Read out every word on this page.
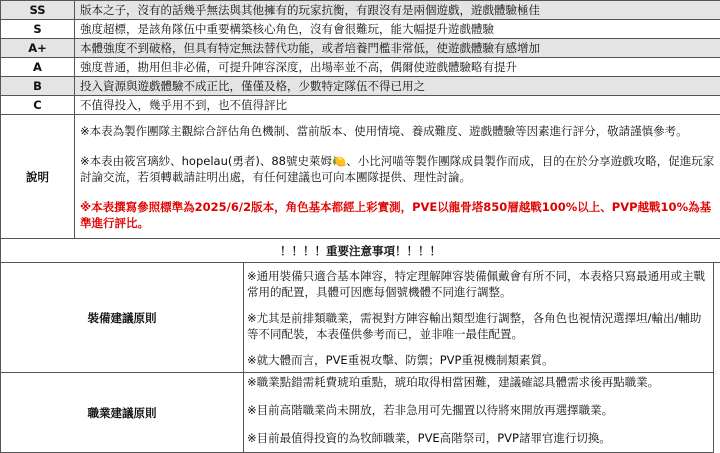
SS	版本之子，沒有的話幾乎無法與其他擁有的玩家抗衡，有跟沒有是兩個遊戲，遊戲體驗極佳		
S	強度超標，是該角隊伍中重要構築核心角色，沒有會很難玩，能大幅提升遊戲體驗		
A+	本體強度不到破格，但具有特定無法替代功能，或者培養門檻非常低，使遊戲體驗有感增加		
A	強度普通，勘用但非必備，可提升陣容深度，出場率並不高，偶爾使遊戲體驗略有提升		
B	投入資源與遊戲體驗不成正比，僅僅及格，少數特定隊伍不得已用之		
C	不值得投入，幾乎用不到，也不值得評比		
說明	※本表為製作團隊主觀綜合評估角色機制、當前版本、使用情境、養成難度、遊戲體驗等因素進行評分，敬請謹慎參考。

※本表由筱宮璃紗、hopelau(勇者)、88號史萊姆🍋、小比河喵等製作團隊成員製作而成，目的在於分享遊戲攻略，促進玩家討論交流，若須轉載請註明出處，有任何建議也可向本團隊提供、理性討論。

※本表撰寫參照標準為2025/6/2版本，角色基本都經上彩實測，PVE以龍骨塔850層越戰100%以上、PVP越戰10%為基準進行評比。		

！！！！重要注意事項！！！！			
裝備建議原則		※通用裝備只適合基本陣容，特定理解陣容裝備佩戴會有所不同，本表格只寫最通用或主戰常用的配置，具體可因應每個號機體不同進行調整。

※尤其是前排類職業，需視對方陣容輸出類型進行調整，各角色也視情況選擇坦/輸出/輔助等不同配裝，本表僅供參考而已，並非唯一最佳配置。

※就大體而言，PVE重視攻擊、防禦；PVP重視機制類素質。	

職業建議原則		※職業點錯需耗費琥珀重點，琥珀取得相當困難，建議確認具體需求後再點職業。

※目前高階職業尚未開放，若非急用可先擱置以待將來開放再選擇職業。

※目前最值得投資的為牧師職業，PVE高階祭司，PVP諸罪官進行切換。	
